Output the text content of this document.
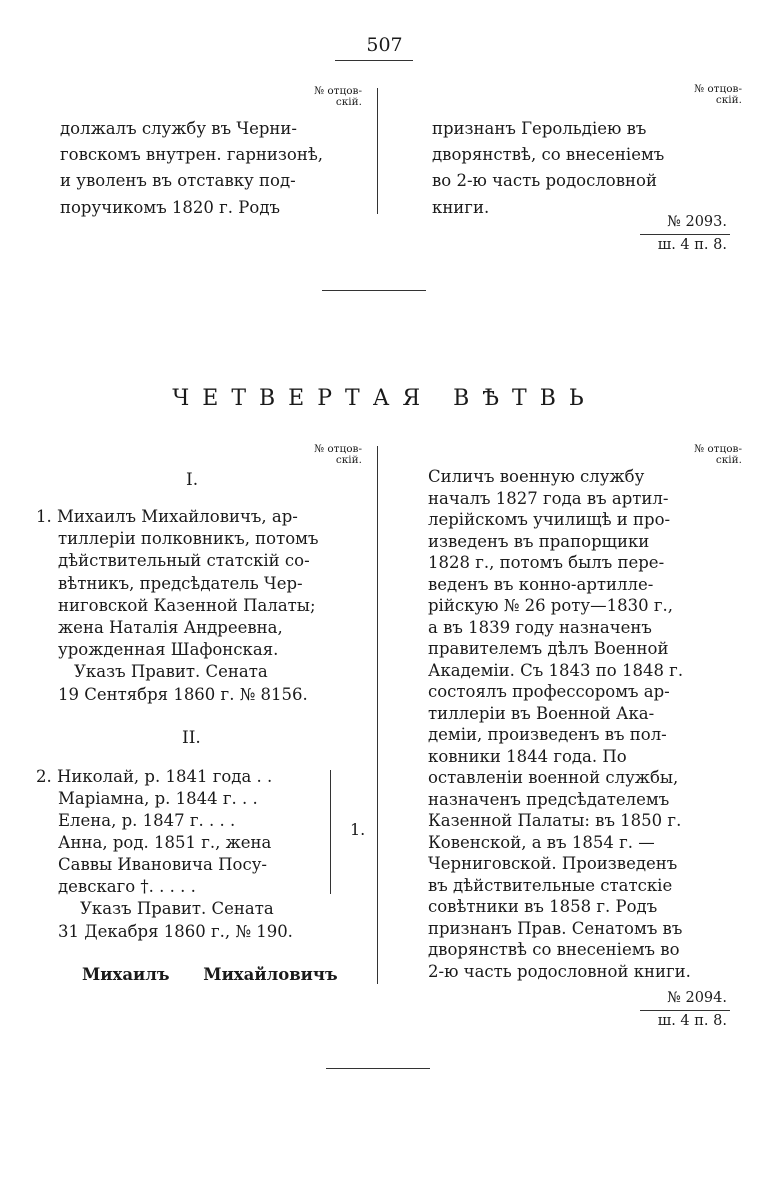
507
№ отцов-
скій.
№ отцов-
скій.
должалъ службу въ Черни-
говскомъ внутрен. гарнизонѣ,
и уволенъ въ отставку под-
поручикомъ 1820 г. Родъ
признанъ Герольдіею въ
дворянствѣ, со внесеніемъ
во 2-ю часть родословной
книги.
№ 2093.
ш. 4 п. 8.
ЧЕТВЕРТАЯ ВѢТВЬ
№ отцов-
скій.
№ отцов-
скій.
I.
1. Михаилъ Михайловичъ, ар-
тиллеріи полковникъ, потомъ
дѣйствительный статскій со-
вѣтникъ, предсѣдатель Чер-
ниговской Казенной Палаты;
жена Наталія Андреевна,
урожденная Шафонская.
Указъ Правит. Сената
19 Сентября 1860 г. № 8156.
II.
2. Николай, р. 1841 года . .
Маріамна, р. 1844 г. . .
Елена, р. 1847 г. . . .
Анна, род. 1851 г., жена
Саввы Ивановича Посу-
девскаго †. . . . .
1.
Указъ Правит. Сената
31 Декабря 1860 г., № 190.
Михаилъ Михайловичъ
Силичъ военную службу
началъ 1827 года въ артил-
лерійскомъ училищѣ и про-
изведенъ въ прапорщики
1828 г., потомъ былъ пере-
веденъ въ конно-артилле-
рійскую № 26 роту—1830 г.,
а въ 1839 году назначенъ
правителемъ дѣлъ Военной
Академіи. Съ 1843 по 1848 г.
состоялъ профессоромъ ар-
тиллеріи въ Военной Ака-
деміи, произведенъ въ пол-
ковники 1844 года. По
оставленіи военной службы,
назначенъ предсѣдателемъ
Казенной Палаты: въ 1850 г.
Ковенской, а въ 1854 г. —
Черниговской. Произведенъ
въ дѣйствительные статскіе
совѣтники въ 1858 г. Родъ
признанъ Прав. Сенатомъ въ
дворянствѣ со внесеніемъ во
2-ю часть родословной книги.
№ 2094.
ш. 4 п. 8.
